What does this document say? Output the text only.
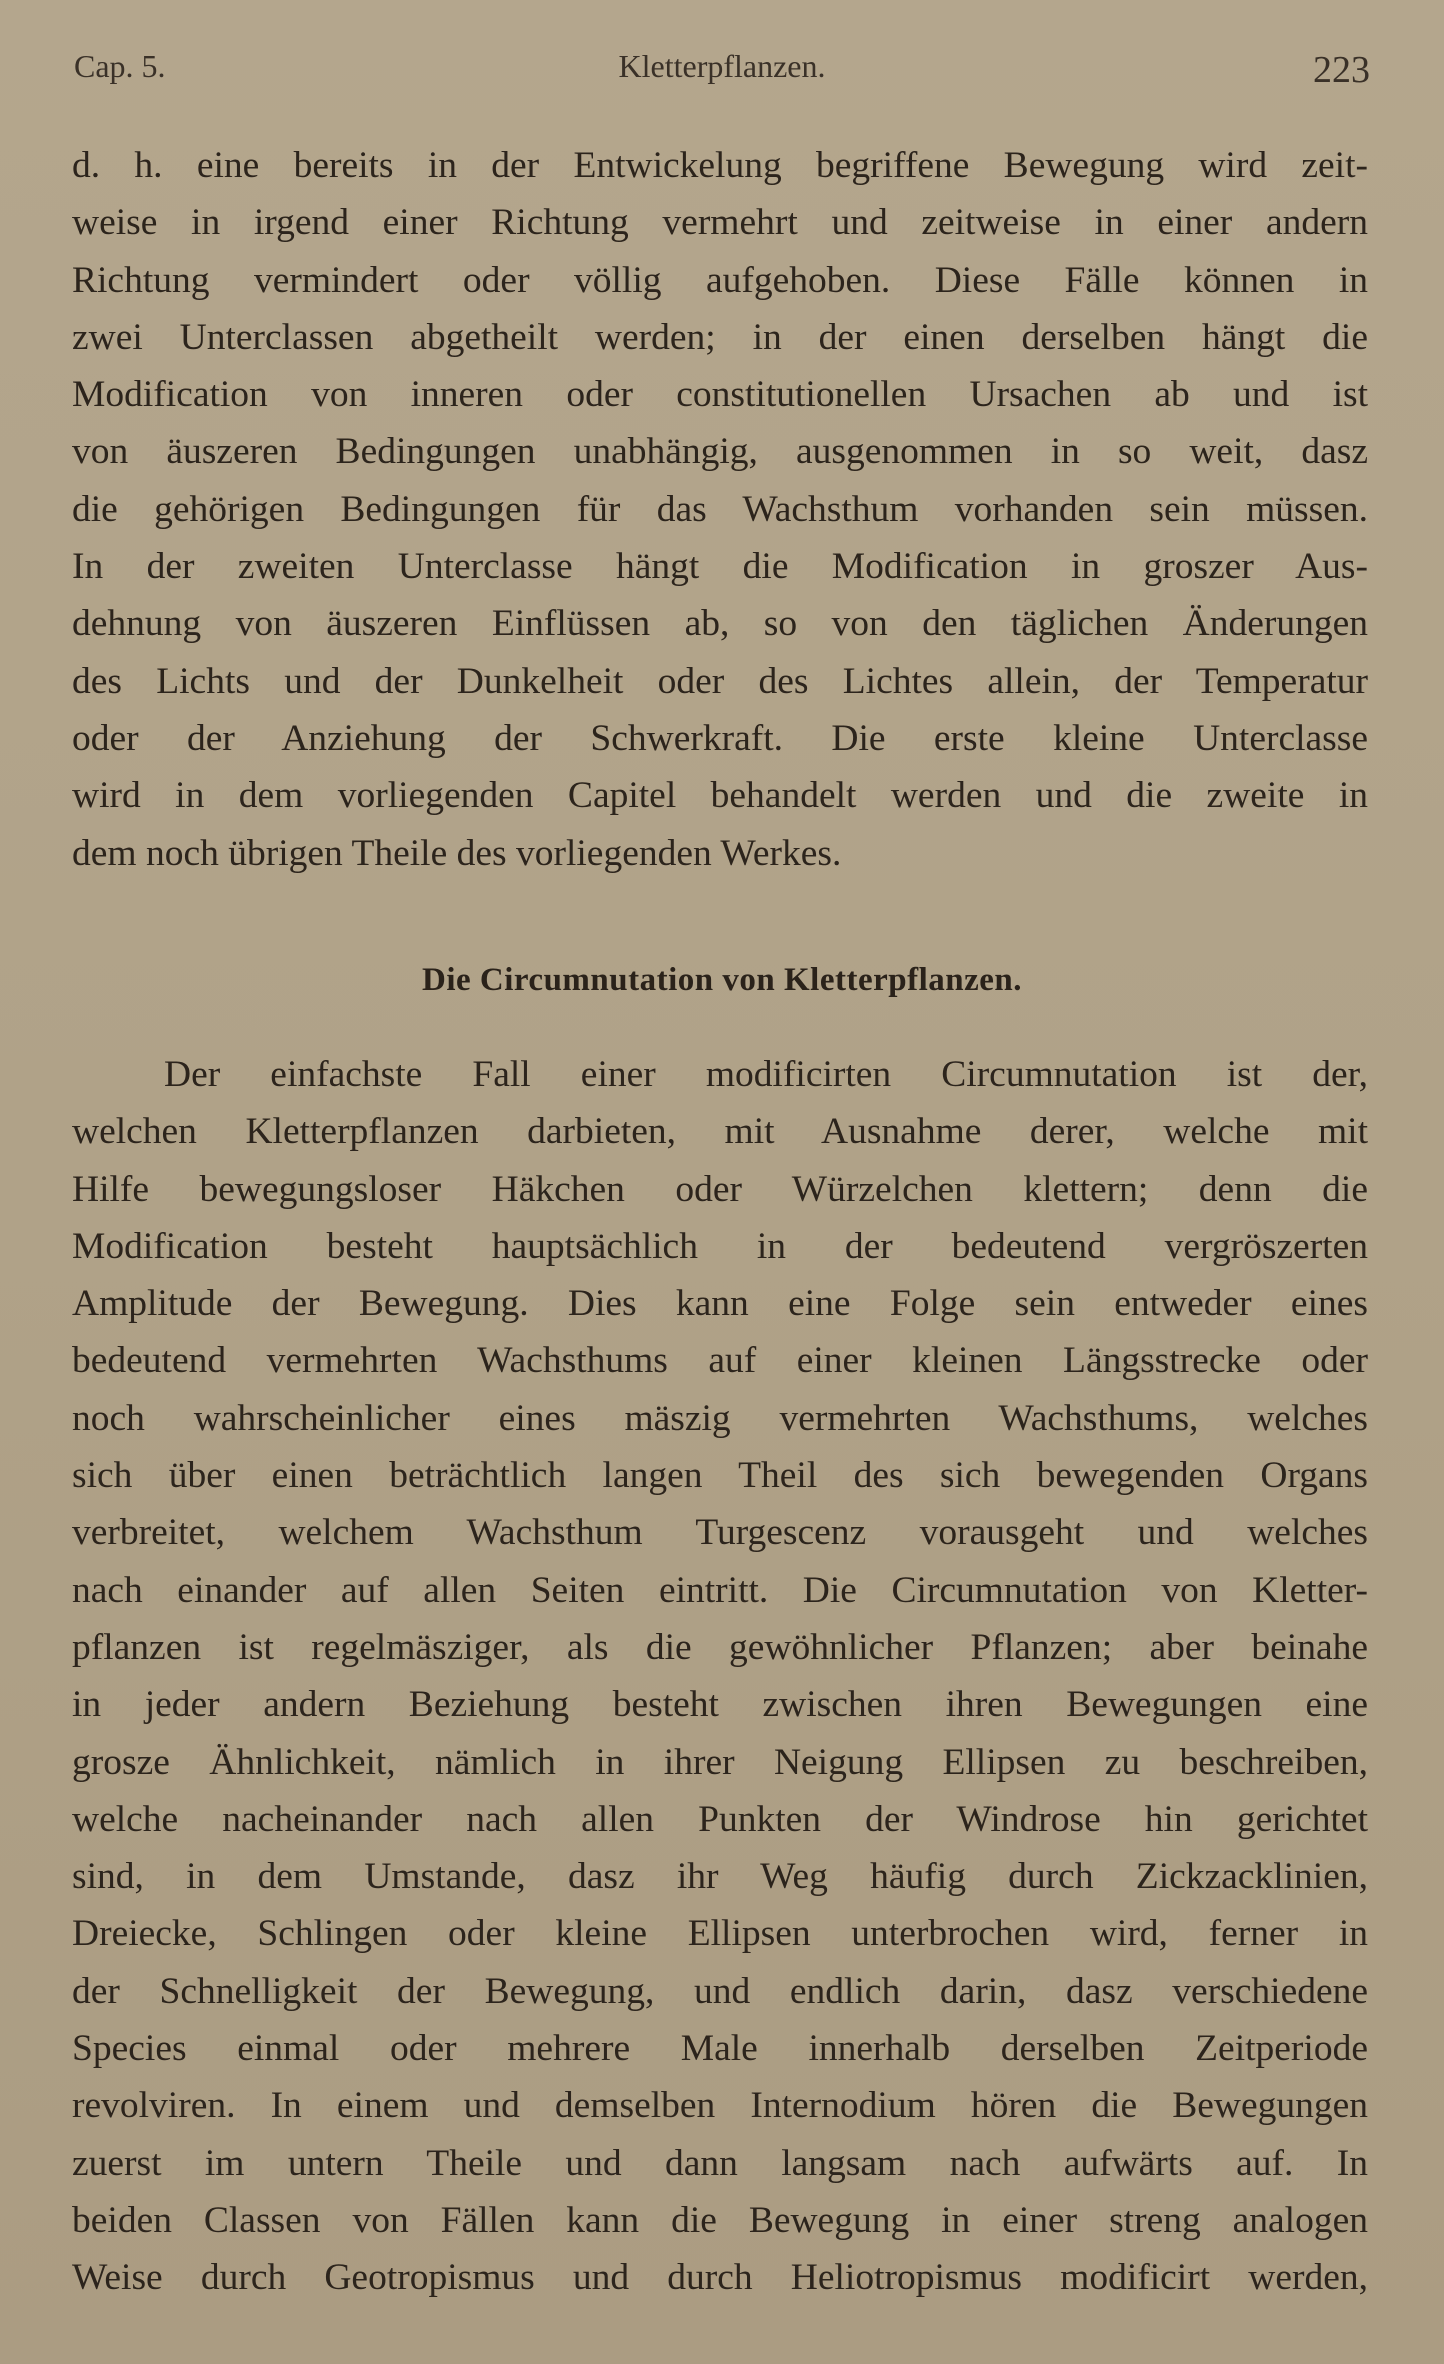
Cap. 5.	Kletterpflanzen.	223
d. h. eine bereits in der Entwickelung begriffene Bewegung wird zeit-
weise in irgend einer Richtung vermehrt und zeitweise in einer andern
Richtung vermindert oder völlig aufgehoben. Diese Fälle können in
zwei Unterclassen abgetheilt werden; in der einen derselben hängt die
Modification von inneren oder constitutionellen Ursachen ab und ist
von äuszeren Bedingungen unabhängig, ausgenommen in so weit, dasz
die gehörigen Bedingungen für das Wachsthum vorhanden sein müssen.
In der zweiten Unterclasse hängt die Modification in groszer Aus-
dehnung von äuszeren Einflüssen ab, so von den täglichen Änderungen
des Lichts und der Dunkelheit oder des Lichtes allein, der Temperatur
oder der Anziehung der Schwerkraft. Die erste kleine Unterclasse
wird in dem vorliegenden Capitel behandelt werden und die zweite in
dem noch übrigen Theile des vorliegenden Werkes.
Die Circumnutation von Kletterpflanzen.
Der einfachste Fall einer modificirten Circumnutation ist der,
welchen Kletterpflanzen darbieten, mit Ausnahme derer, welche mit
Hilfe bewegungsloser Häkchen oder Würzelchen klettern; denn die
Modification besteht hauptsächlich in der bedeutend vergröszerten
Amplitude der Bewegung. Dies kann eine Folge sein entweder eines
bedeutend vermehrten Wachsthums auf einer kleinen Längsstrecke oder
noch wahrscheinlicher eines mäszig vermehrten Wachsthums, welches
sich über einen beträchtlich langen Theil des sich bewegenden Organs
verbreitet, welchem Wachsthum Turgescenz vorausgeht und welches
nach einander auf allen Seiten eintritt. Die Circumnutation von Kletter-
pflanzen ist regelmäsziger, als die gewöhnlicher Pflanzen; aber beinahe
in jeder andern Beziehung besteht zwischen ihren Bewegungen eine
grosze Ähnlichkeit, nämlich in ihrer Neigung Ellipsen zu beschreiben,
welche nacheinander nach allen Punkten der Windrose hin gerichtet
sind, in dem Umstande, dasz ihr Weg häufig durch Zickzacklinien,
Dreiecke, Schlingen oder kleine Ellipsen unterbrochen wird, ferner in
der Schnelligkeit der Bewegung, und endlich darin, dasz verschiedene
Species einmal oder mehrere Male innerhalb derselben Zeitperiode
revolviren. In einem und demselben Internodium hören die Bewegungen
zuerst im untern Theile und dann langsam nach aufwärts auf. In
beiden Classen von Fällen kann die Bewegung in einer streng analogen
Weise durch Geotropismus und durch Heliotropismus modificirt werden,
